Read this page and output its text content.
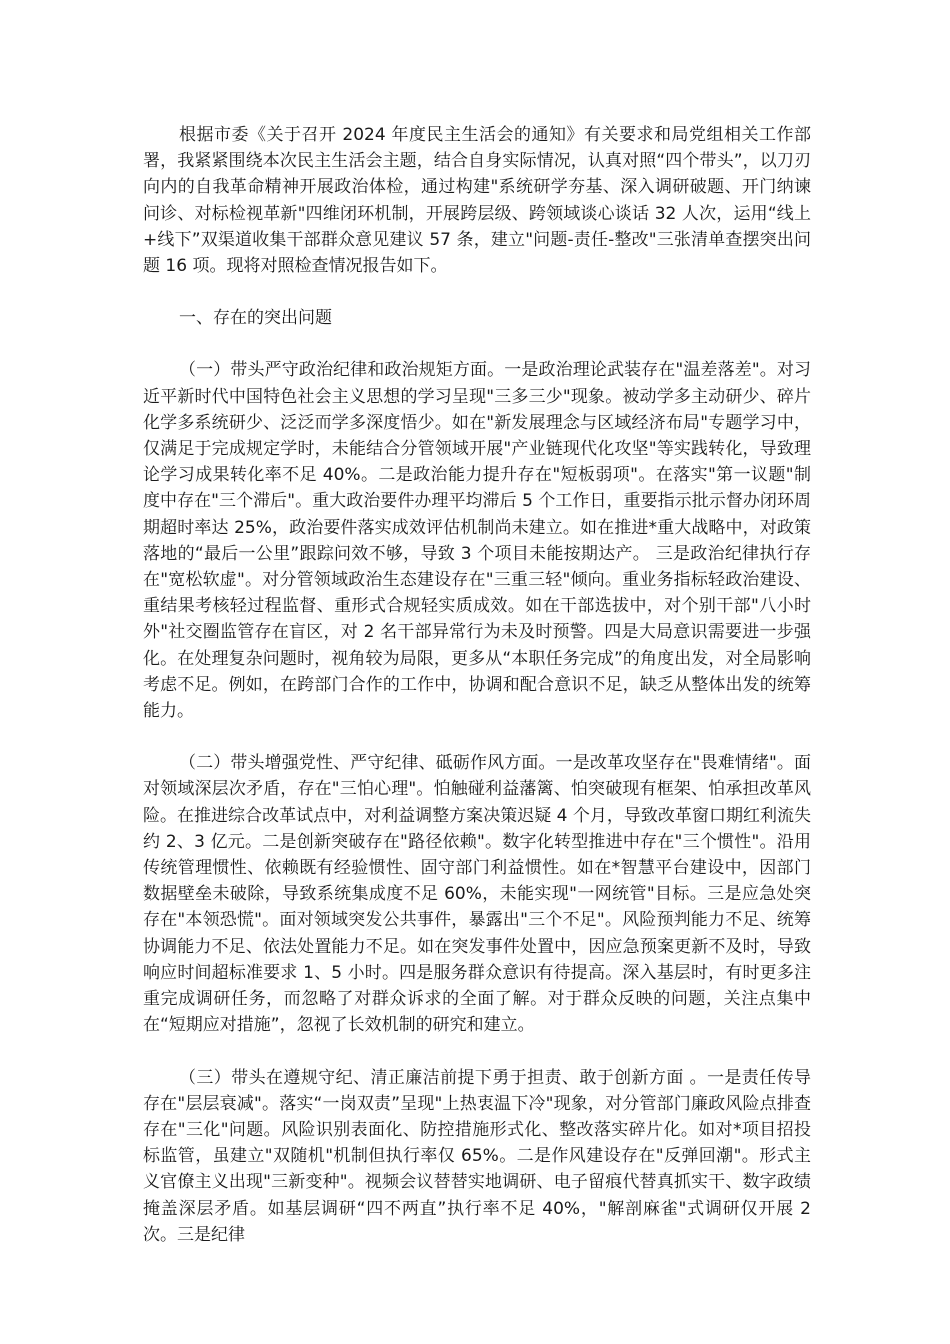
根据市委《关于召开 2024 年度民主生活会的通知》有关要求和局党组相关工作部署，我紧紧围绕本次民主生活会主题，结合自身实际情况，认真对照“四个带头”，以刀刃向内的自我革命精神开展政治体检，通过构建"系统研学夯基、深入调研破题、开门纳谏问诊、对标检视革新"四维闭环机制，开展跨层级、跨领域谈心谈话 32 人次，运用“线上+线下”双渠道收集干部群众意见建议 57 条，建立"问题-责任-整改"三张清单查摆突出问题 16 项。现将对照检查情况报告如下。

一、存在的突出问题

（一）带头严守政治纪律和政治规矩方面。一是政治理论武装存在"温差落差"。对习近平新时代中国特色社会主义思想的学习呈现"三多三少"现象。被动学多主动研少、碎片化学多系统研少、泛泛而学多深度悟少。如在"新发展理念与区域经济布局"专题学习中，仅满足于完成规定学时，未能结合分管领域开展"产业链现代化攻坚"等实践转化，导致理论学习成果转化率不足 40%。二是政治能力提升存在"短板弱项"。在落实"第一议题"制度中存在"三个滞后"。重大政治要件办理平均滞后 5 个工作日，重要指示批示督办闭环周期超时率达 25%，政治要件落实成效评估机制尚未建立。如在推进*重大战略中，对政策落地的“最后一公里”跟踪问效不够，导致 3 个项目未能按期达产。 三是政治纪律执行存在"宽松软虚"。对分管领域政治生态建设存在"三重三轻"倾向。重业务指标轻政治建设、重结果考核轻过程监督、重形式合规轻实质成效。如在干部选拔中，对个别干部"八小时外"社交圈监管存在盲区，对 2 名干部异常行为未及时预警。四是大局意识需要进一步强化。在处理复杂问题时，视角较为局限，更多从“本职任务完成”的角度出发，对全局影响考虑不足。例如，在跨部门合作的工作中，协调和配合意识不足，缺乏从整体出发的统筹能力。

（二）带头增强党性、严守纪律、砥砺作风方面。一是改革攻坚存在"畏难情绪"。面对领域深层次矛盾，存在"三怕心理"。怕触碰利益藩篱、怕突破现有框架、怕承担改革风险。在推进综合改革试点中，对利益调整方案决策迟疑 4 个月，导致改革窗口期红利流失约 2、3 亿元。二是创新突破存在"路径依赖"。数字化转型推进中存在"三个惯性"。沿用传统管理惯性、依赖既有经验惯性、固守部门利益惯性。如在*智慧平台建设中，因部门数据壁垒未破除，导致系统集成度不足 60%，未能实现"一网统管"目标。三是应急处突存在"本领恐慌"。面对领域突发公共事件，暴露出"三个不足"。风险预判能力不足、统筹协调能力不足、依法处置能力不足。如在突发事件处置中，因应急预案更新不及时，导致响应时间超标准要求 1、5 小时。四是服务群众意识有待提高。深入基层时，有时更多注重完成调研任务，而忽略了对群众诉求的全面了解。对于群众反映的问题，关注点集中在“短期应对措施”，忽视了长效机制的研究和建立。

（三）带头在遵规守纪、清正廉洁前提下勇于担责、敢于创新方面 。一是责任传导存在"层层衰减"。落实“一岗双责”呈现"上热衷温下冷"现象，对分管部门廉政风险点排查存在"三化"问题。风险识别表面化、防控措施形式化、整改落实碎片化。如对*项目招投标监管，虽建立"双随机"机制但执行率仅 65%。二是作风建设存在"反弹回潮"。形式主义官僚主义出现"三新变种"。视频会议替替实地调研、电子留痕代替真抓实干、数字政绩掩盖深层矛盾。如基层调研“四不两直”执行率不足 40%，"解剖麻雀"式调研仅开展 2 次。三是纪律
